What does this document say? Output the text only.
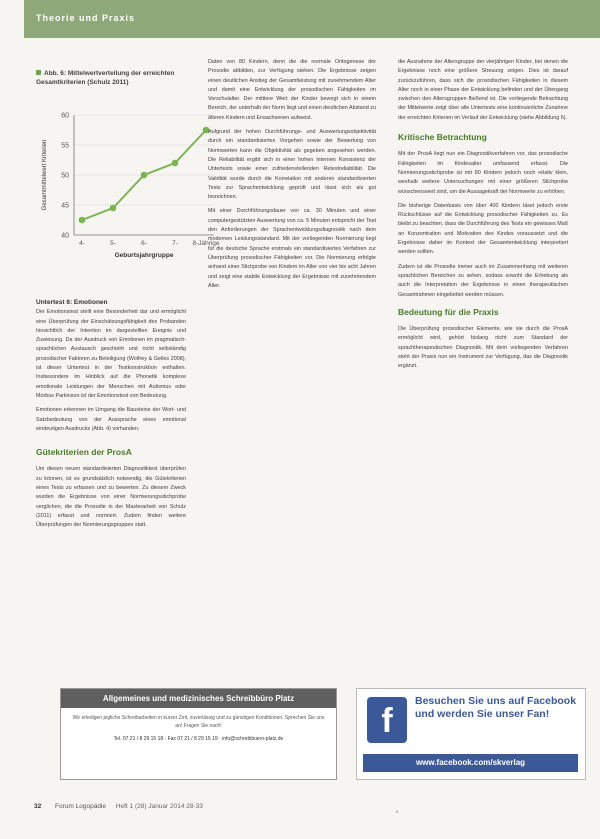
Theorie und Praxis
Abb. 6: Mittelwertverteilung der erreichten Gesamtkriterien (Schulz 2011)
40
45
50
55
60
4-	5-	6-	7- 8-Jährige
Geburtsjahrgruppe
Gesamtmittelwert Kriterien
Untertest 6: Emotionen

Der Emotionstest stellt eine Besonderheit dar und ermöglicht eine Überprüfung der Einschätzungsfähigkeit des Probanden hinsichtlich der Intention im dargestellten Ereignis und Zuweisung. Da der Ausdruck von Emotionen im pragmatisch-sprachlichen Austausch geschieht und nicht selbständig prosodischer Faktoren zu Beteiligung (Wolfrey & Gelles 2008), ist dieser Untertest in der Testkonstruktion enthalten. Insbesondere im Hinblick auf die Phonetik komplexe emotionale Leistungen der Menschen mit Autismus oder Morbus Parkinson ist der Emotionstest von Bedeutung.

Emotionen erkennen im Umgang die Bausteine der Wort- und Satzbedeutung von der Aussprache eines emotional eindeutigen Ausdrucks (Abb. 4) vorhanden.

Gütekriterien der ProsA

Um diesen neuen standardisierten Diagnostiktest überprüfen zu können, ist es grundsätzlich notwendig, die Gütekriterien eines Tests zu erfassen und zu bewerten. Zu diesem Zweck wurden die Ergebnisse von einer Normierungsstichprobe verglichen, die die Prosodie in der Masterarbeit von Schulz (2011) erfasst und normiert. Zudem finden weitere Überprüfungen der Normierungsgruppen statt.

Daten von 80 Kindern, denn die die normale Ontogenese der Prosodie abbilden, zur Verfügung stehen. Die Ergebnisse zeigen einen deutlichen Anstieg der Gesamtleistung mit zunehmendem Alter und damit eine Entwicklung der prosodischen Fähigkeiten im Vorschulalter. Der mittlere Wert der Kinder bewegt sich in einem Bereich, der unterhalb der Norm liegt und einen deutlichen Abstand zu älteren Kindern und Erwachsenen aufweist.

Aufgrund der hohen Durchführungs- und Auswertungsobjektivität durch ein standardisiertes Vorgehen sowie der Bewertung von Normwerten kann die Objektivität als gegeben angesehen werden. Die Reliabilität ergibt sich in einer hohen internen Konsistenz der Untertests sowie einer zufriedenstellenden Retestreliabilität. Die Validität wurde durch die Korrelation mit anderen standardisierten Tests zur Sprachentwicklung geprüft und lässt sich als gut bezeichnen.

Mit einer Durchführungsdauer von ca. 30 Minuten und einer computergestützten Auswertung von ca. 5 Minuten entspricht der Test den Anforderungen der Sprachentwicklungsdiagnostik nach dem modernen Leistungsstandard. Mit der vorliegenden Normierung liegt für die deutsche Sprache erstmals ein standardisiertes Verfahren zur Überprüfung prosodischer Fähigkeiten vor. Die Normierung erfolgte anhand einer Stichprobe von Kindern im Alter von vier bis acht Jahren und zeigt eine stabile Entwicklung der Ergebnisse mit zunehmendem Alter.

die Ausnahme der Altersgruppe der vierjährigen Kinder, bei denen die Ergebnisse noch eine größere Streuung zeigen. Dies ist darauf zurückzuführen, dass sich die prosodischen Fähigkeiten in diesem Alter noch in einer Phase der Entwicklung befinden und der Übergang zwischen den Altersgruppen fließend ist. Die vorliegende Betrachtung der Mittelwerte zeigt über alle Untertests eine kontinuierliche Zunahme der erreichten Kriterien im Verlauf der Entwicklung (siehe Abbildung 6).

Kritische Betrachtung

Mit der ProsA liegt nun ein Diagnostikverfahren vor, das prosodische Fähigkeiten im Kindesalter umfassend erfasst. Die Normierungsstichprobe ist mit 80 Kindern jedoch noch relativ klein, weshalb weitere Untersuchungen mit einer größeren Stichprobe wünschenswert sind, um die Aussagekraft der Normwerte zu erhöhen.

Die bisherige Datenbasis von über 400 Kindern lässt jedoch erste Rückschlüsse auf die Entwicklung prosodischer Fähigkeiten zu. Es bleibt zu beachten, dass die Durchführung des Tests ein gewisses Maß an Konzentration und Motivation des Kindes voraussetzt und die Ergebnisse daher im Kontext der Gesamtentwicklung interpretiert werden sollten.

Zudem ist die Prosodie immer auch im Zusammenhang mit weiteren sprachlichen Bereichen zu sehen, sodass sowohl die Erhebung als auch die Interpretation der Ergebnisse in einen therapeutischen Gesamtrahmen eingebettet werden müssen.

Bedeutung für die Praxis

Die Überprüfung prosodischer Elemente, wie sie durch die ProsA ermöglicht wird, gehört bislang nicht zum Standard der sprachtherapeutischen Diagnostik. Mit dem vorliegenden Verfahren steht der Praxis nun ein Instrument zur Verfügung, das die Diagnostik ergänzt.

Allgemeines und medizinisches Schreibbüro Platz
Wir erledigen jegliche Schreibarbeiten in kurzer Zeit, zuverlässig und zu günstigen Konditionen. Sprechen Sie uns an! Fragen Sie nach!
Tel. 07 21 / 8 29 15 18 · Fax 07 21 / 8 29 15 19 · info@schreibbuero-platz.de	f
Besuchen Sie uns auf Facebook und werden Sie unser Fan!
www.facebook.com/skverlag
32 Forum Logopädie Heft 1 (28) Januar 2014 28-33
•
